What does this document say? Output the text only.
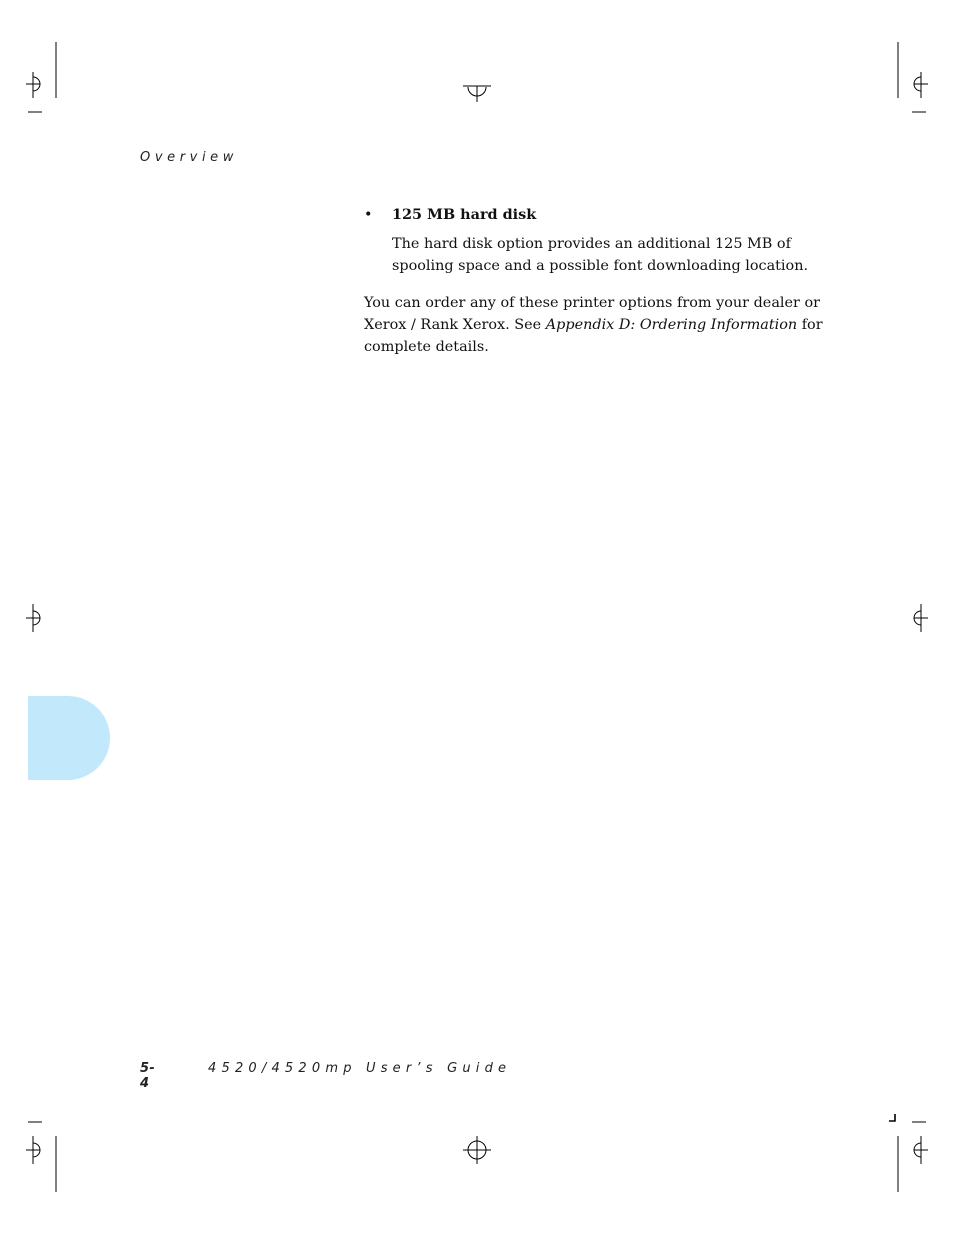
Overview
•	125 MB hard disk

The hard disk option provides an additional 125 MB of spooling space and a possible font downloading location.

You can order any of these printer options from your dealer or Xerox / Rank Xerox. See Appendix D: Ordering Information for complete details.

5-4
4520/4520mp User’s Guide
